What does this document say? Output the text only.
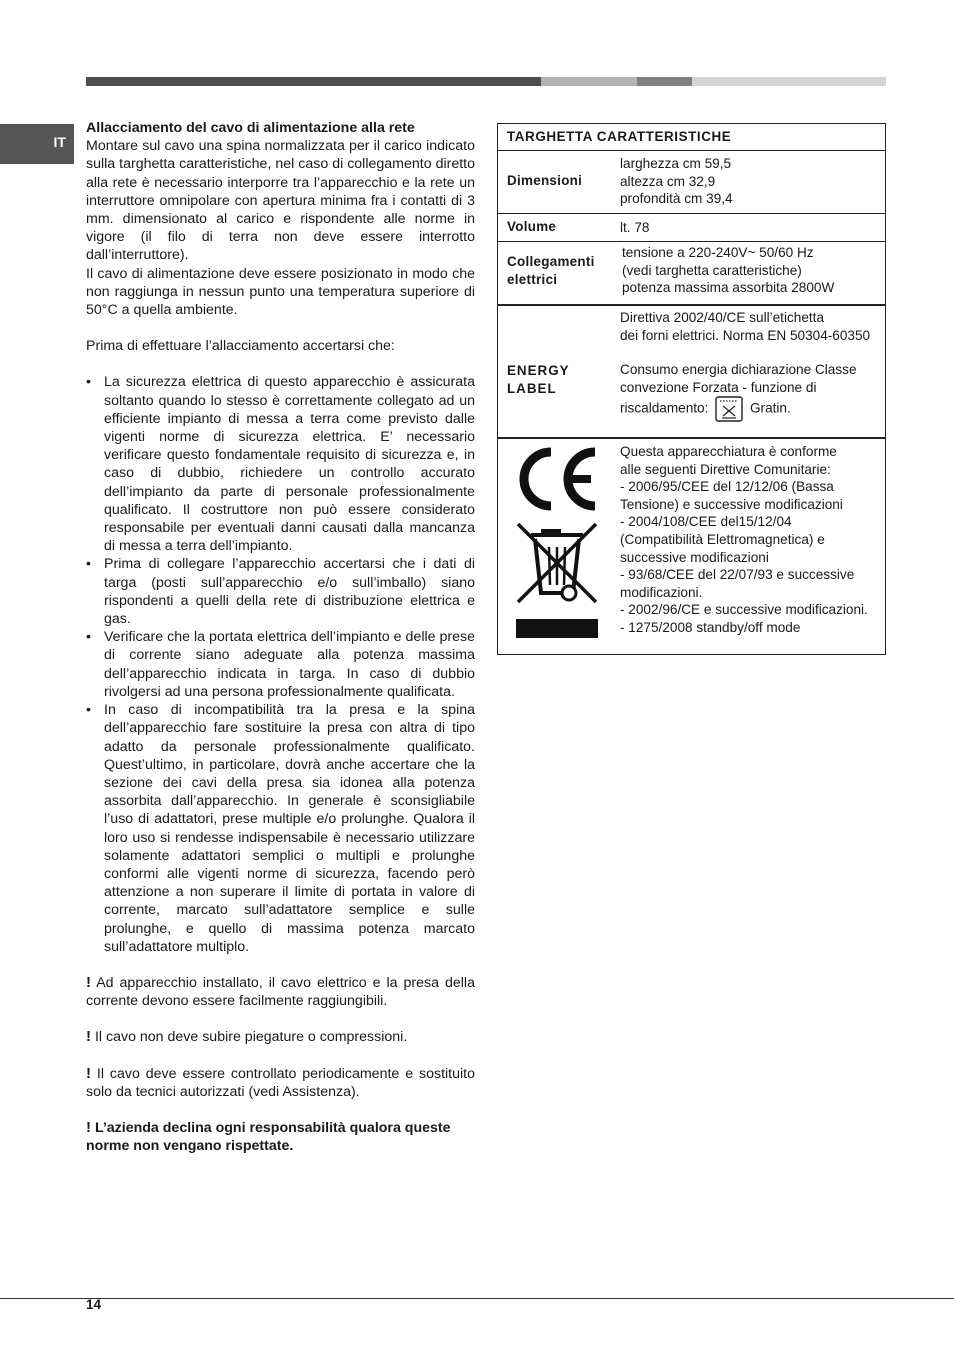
IT
Allacciamento del cavo di alimentazione alla rete

Montare sul cavo una spina normalizzata per il carico indicato sulla targhetta caratteristiche, nel caso di collegamento diretto alla rete è necessario interporre tra l’apparecchio e la rete un interruttore omnipolare con apertura minima fra i contatti di 3 mm. dimensionato al carico e rispondente alle norme in vigore (il filo di terra non deve essere interrotto dall’interruttore).

Il cavo di alimentazione deve essere posizionato in modo che non raggiunga in nessun punto una temperatura superiore di 50°C a quella ambiente.

Prima di effettuare l’allacciamento accertarsi che:

• La sicurezza elettrica di questo apparecchio è assicurata soltanto quando lo stesso è correttamente collegato ad un efficiente impianto di messa a terra come previsto dalle vigenti norme di sicurezza elettrica. E’ necessario verificare questo fondamentale requisito di sicurezza e, in caso di dubbio, richiedere un controllo accurato dell’impianto da parte di personale professionalmente qualificato. Il costruttore non può essere considerato responsabile per eventuali danni causati dalla mancanza di messa a terra dell’impianto.
• Prima di collegare l’apparecchio accertarsi che i dati di targa (posti sull’apparecchio e/o sull’imballo) siano rispondenti a quelli della rete di distribuzione elettrica e gas.
• Verificare che la portata elettrica dell’impianto e delle prese di corrente siano adeguate alla potenza massima dell’apparecchio indicata in targa. In caso di dubbio rivolgersi ad una persona professionalmente qualificata.
• In caso di incompatibilità tra la presa e la spina dell’apparecchio fare sostituire la presa con altra di tipo adatto da personale professionalmente qualificato. Quest’ultimo, in particolare, dovrà anche accertare che la sezione dei cavi della presa sia idonea alla potenza assorbita dall’apparecchio. In generale è sconsigliabile l’uso di adattatori, prese multiple e/o prolunghe. Qualora il loro uso si rendesse indispensabile è necessario utilizzare solamente adattatori semplici o multipli e prolunghe conformi alle vigenti norme di sicurezza, facendo però attenzione a non superare il limite di portata in valore di corrente, marcato sull’adattatore semplice e sulle prolunghe, e quello di massima potenza marcato sull’adattatore multiplo.

! Ad apparecchio installato, il cavo elettrico e la presa della corrente devono essere facilmente raggiungibili.

! Il cavo non deve subire piegature o compressioni.

! Il cavo deve essere controllato periodicamente e sostituito solo da tecnici autorizzati (vedi Assistenza).

! L’azienda declina ogni responsabilità qualora queste norme non vengano rispettate.

TARGHETTA CARATTERISTICHE
Dimensioni
larghezza cm 59,5
altezza cm 32,9
profondità cm 39,4
Volume	lt. 78
Collegamenti
elettrici
tensione a 220-240V~ 50/60 Hz
(vedi targhetta caratteristiche)
potenza massima assorbita 2800W
ENERGY
LABEL
Direttiva 2002/40/CE sull’etichetta
dei forni elettrici. Norma EN 50304-60350
Consumo energia dichiarazione Classe
convezione Forzata - funzione di
riscaldamento:	Gratin.
Questa apparecchiatura è conforme
alle seguenti Direttive Comunitarie:
- 2006/95/CEE del 12/12/06 (Bassa
Tensione) e successive modificazioni
- 2004/108/CEE del15/12/04
(Compatibilità Elettromagnetica) e
successive modificazioni
- 93/68/CEE del 22/07/93 e successive
modificazioni.
- 2002/96/CE e successive modificazioni.
- 1275/2008 standby/off mode
14
